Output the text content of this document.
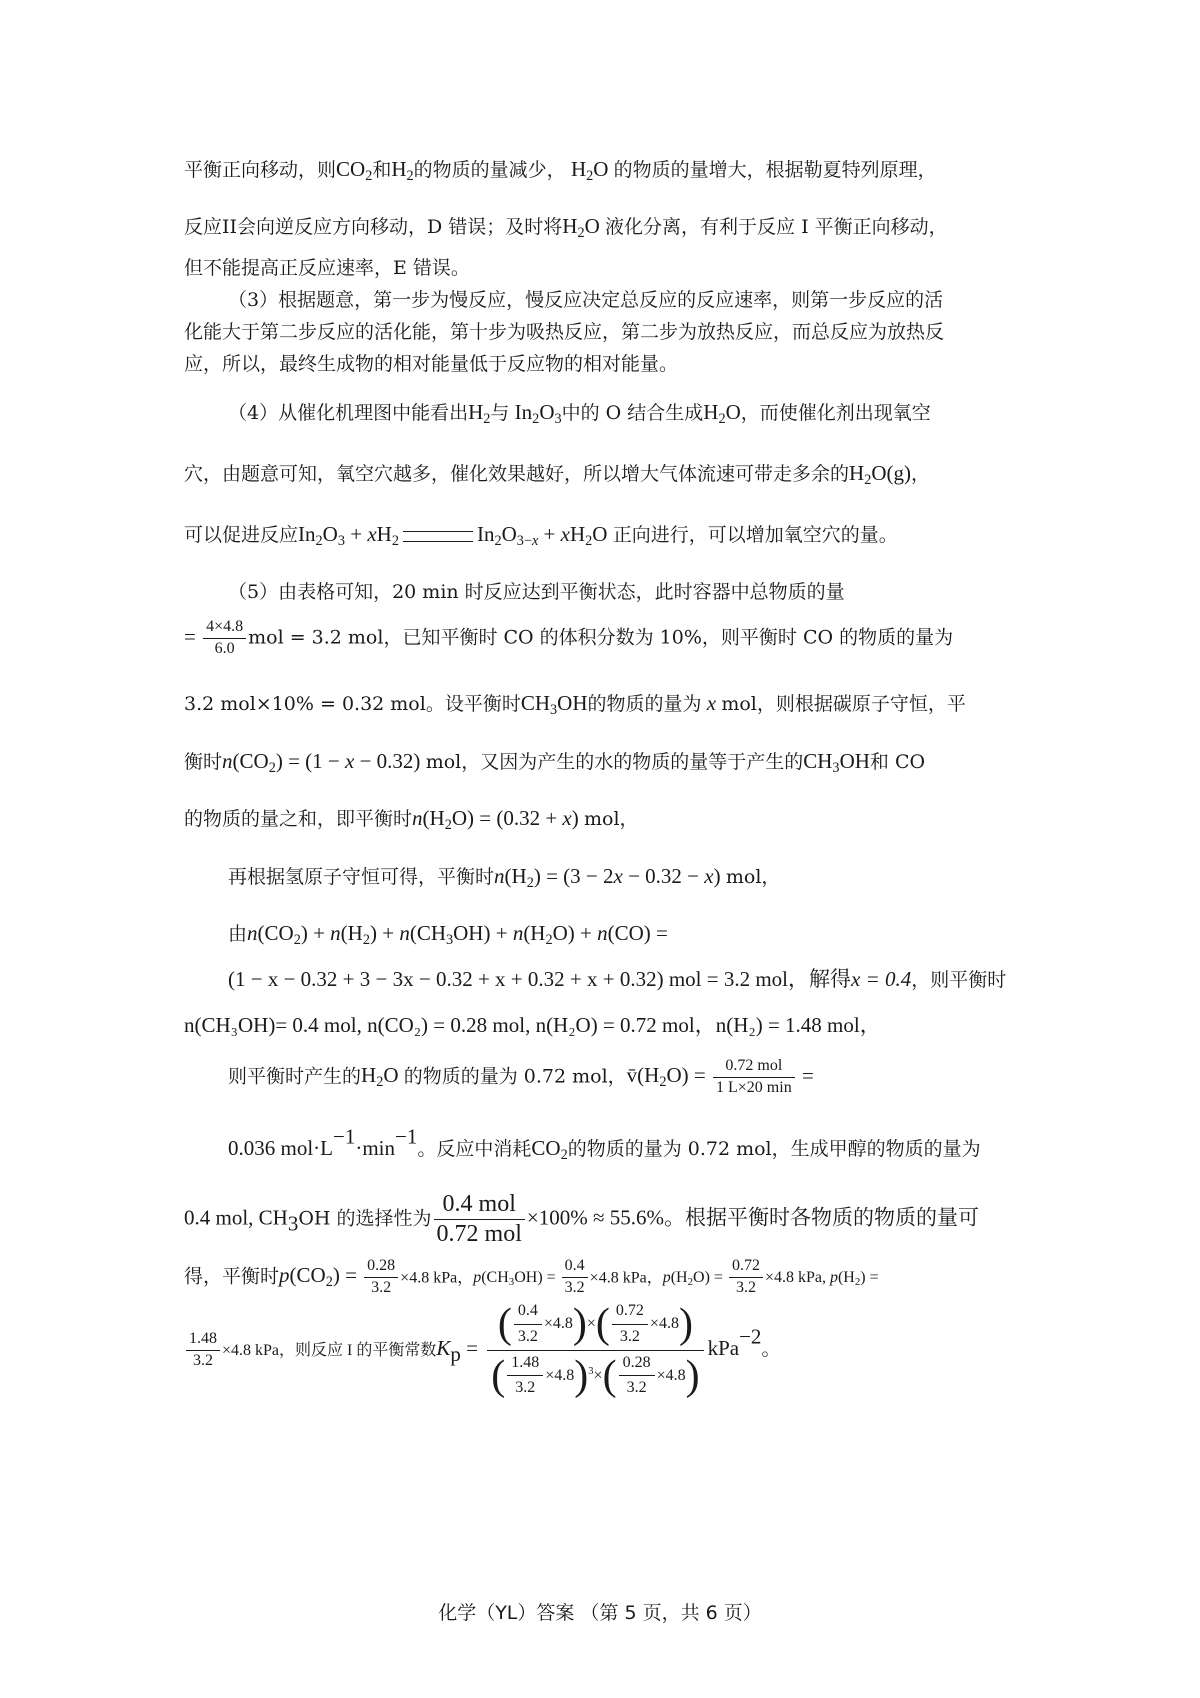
平衡正向移动，则$CO_2$和$H_2$的物质的量减少， $H_2O$ 的物质的量增大，根据勒夏特列原理，
反应II会向逆反应方向移动，D 错误；及时将$H_2O$ 液化分离，有利于反应 I 平衡正向移动，
但不能提高正反应速率，E 错误。
（3）根据题意，第一步为慢反应，慢反应决定总反应的反应速率，则第一步反应的活
化能大于第二步反应的活化能，第十步为吸热反应，第二步为放热反应，而总反应为放热反
应，所以，最终生成物的相对能量低于反应物的相对能量。
（4）从催化机理图中能看出$H_2$与 $In_2O_3$中的 O 结合生成$H_2O$，而使催化剂出现氧空
穴，由题意可知，氧空穴越多，催化效果越好，所以增大气体流速可带走多余的$H_2O(g)$，
可以促进反应$In_2O_3 + xH_2$	$In_2O_{3-x} + xH_2O$ 正向进行，可以增加氧空穴的量。
（5）由表格可知，20 min 时反应达到平衡状态，此时容器中总物质的量
= $\frac{4\times 4.8}{6.0}$ mol = 3.2 mol，已知平衡时 CO 的体积分数为 10%，则平衡时 CO 的物质的量为
3.2 mol×10% = 0.32 mol。设平衡时$CH_3OH$的物质的量为 x mol，则根据碳原子守恒，平
衡时$n(CO_2) = (1 - x - 0.32)$ mol，又因为产生的水的物质的量等于产生的$CH_3OH$和 CO
的物质的量之和，即平衡时$n(H_2O) = (0.32 + x)$ mol，
再根据氢原子守恒可得，平衡时$n(H_2) = (3 - 2x - 0.32 - x)$ mol，
由$n(CO_2) + n(H_2) + n(CH_3OH) + n(H_2O) + n(CO)$ =
(1 − x − 0.32 + 3 − 3x − 0.32 + x + 0.32 + x + 0.32) mol = 3.2 mol，解得x = 0.4，则平衡时
n(CH₃OH)= 0.4 mol, n(CO₂) = 0.28 mol, n(H₂O) = 0.72 mol，n(H₂) = 1.48 mol，
则平衡时产生的$H_2O$ 的物质的量为 0.72 mol，$v̄(H_2O) = \frac{\text{0.72 mol}}{1 L\times 20 \min}$ =
0.036 $mol\cdot L^{-1}\cdot\min^{-1}$。反应中消耗$CO_2$的物质的量为 0.72 mol，生成甲醇的物质的量为
0.4 mol, $CH_3OH$ 的选择性为 $\frac{\text{0.4 mol}}{\text{0.72 mol}} \times 100\% \approx 55.6\%$。根据平衡时各物质的物质的量可
得，平衡时$p(CO_2) = \frac{0.28}{3.2} \times 4.8$ kPa，$p(CH_3OH) = \frac{0.4}{3.2} \times 4.8$ kPa，$p(H_2O) = \frac{0.72}{3.2} \times 4.8$ kPa, $p(H_2)$ =
$\frac{1.48}{3.2} \times 4.8$ kPa，则反应 I 的平衡常数$K_p = \frac{( \frac{0.4}{3.2} \times 4.8)\times( \frac{0.72}{3.2} \times 4.8)}{( \frac{1.48}{3.2} \times 4.8)^3\times( \frac{0.28}{3.2} \times 4.8)} kPa^{-2}$。
化学（YL）答案 （第 5 页，共 6 页）
